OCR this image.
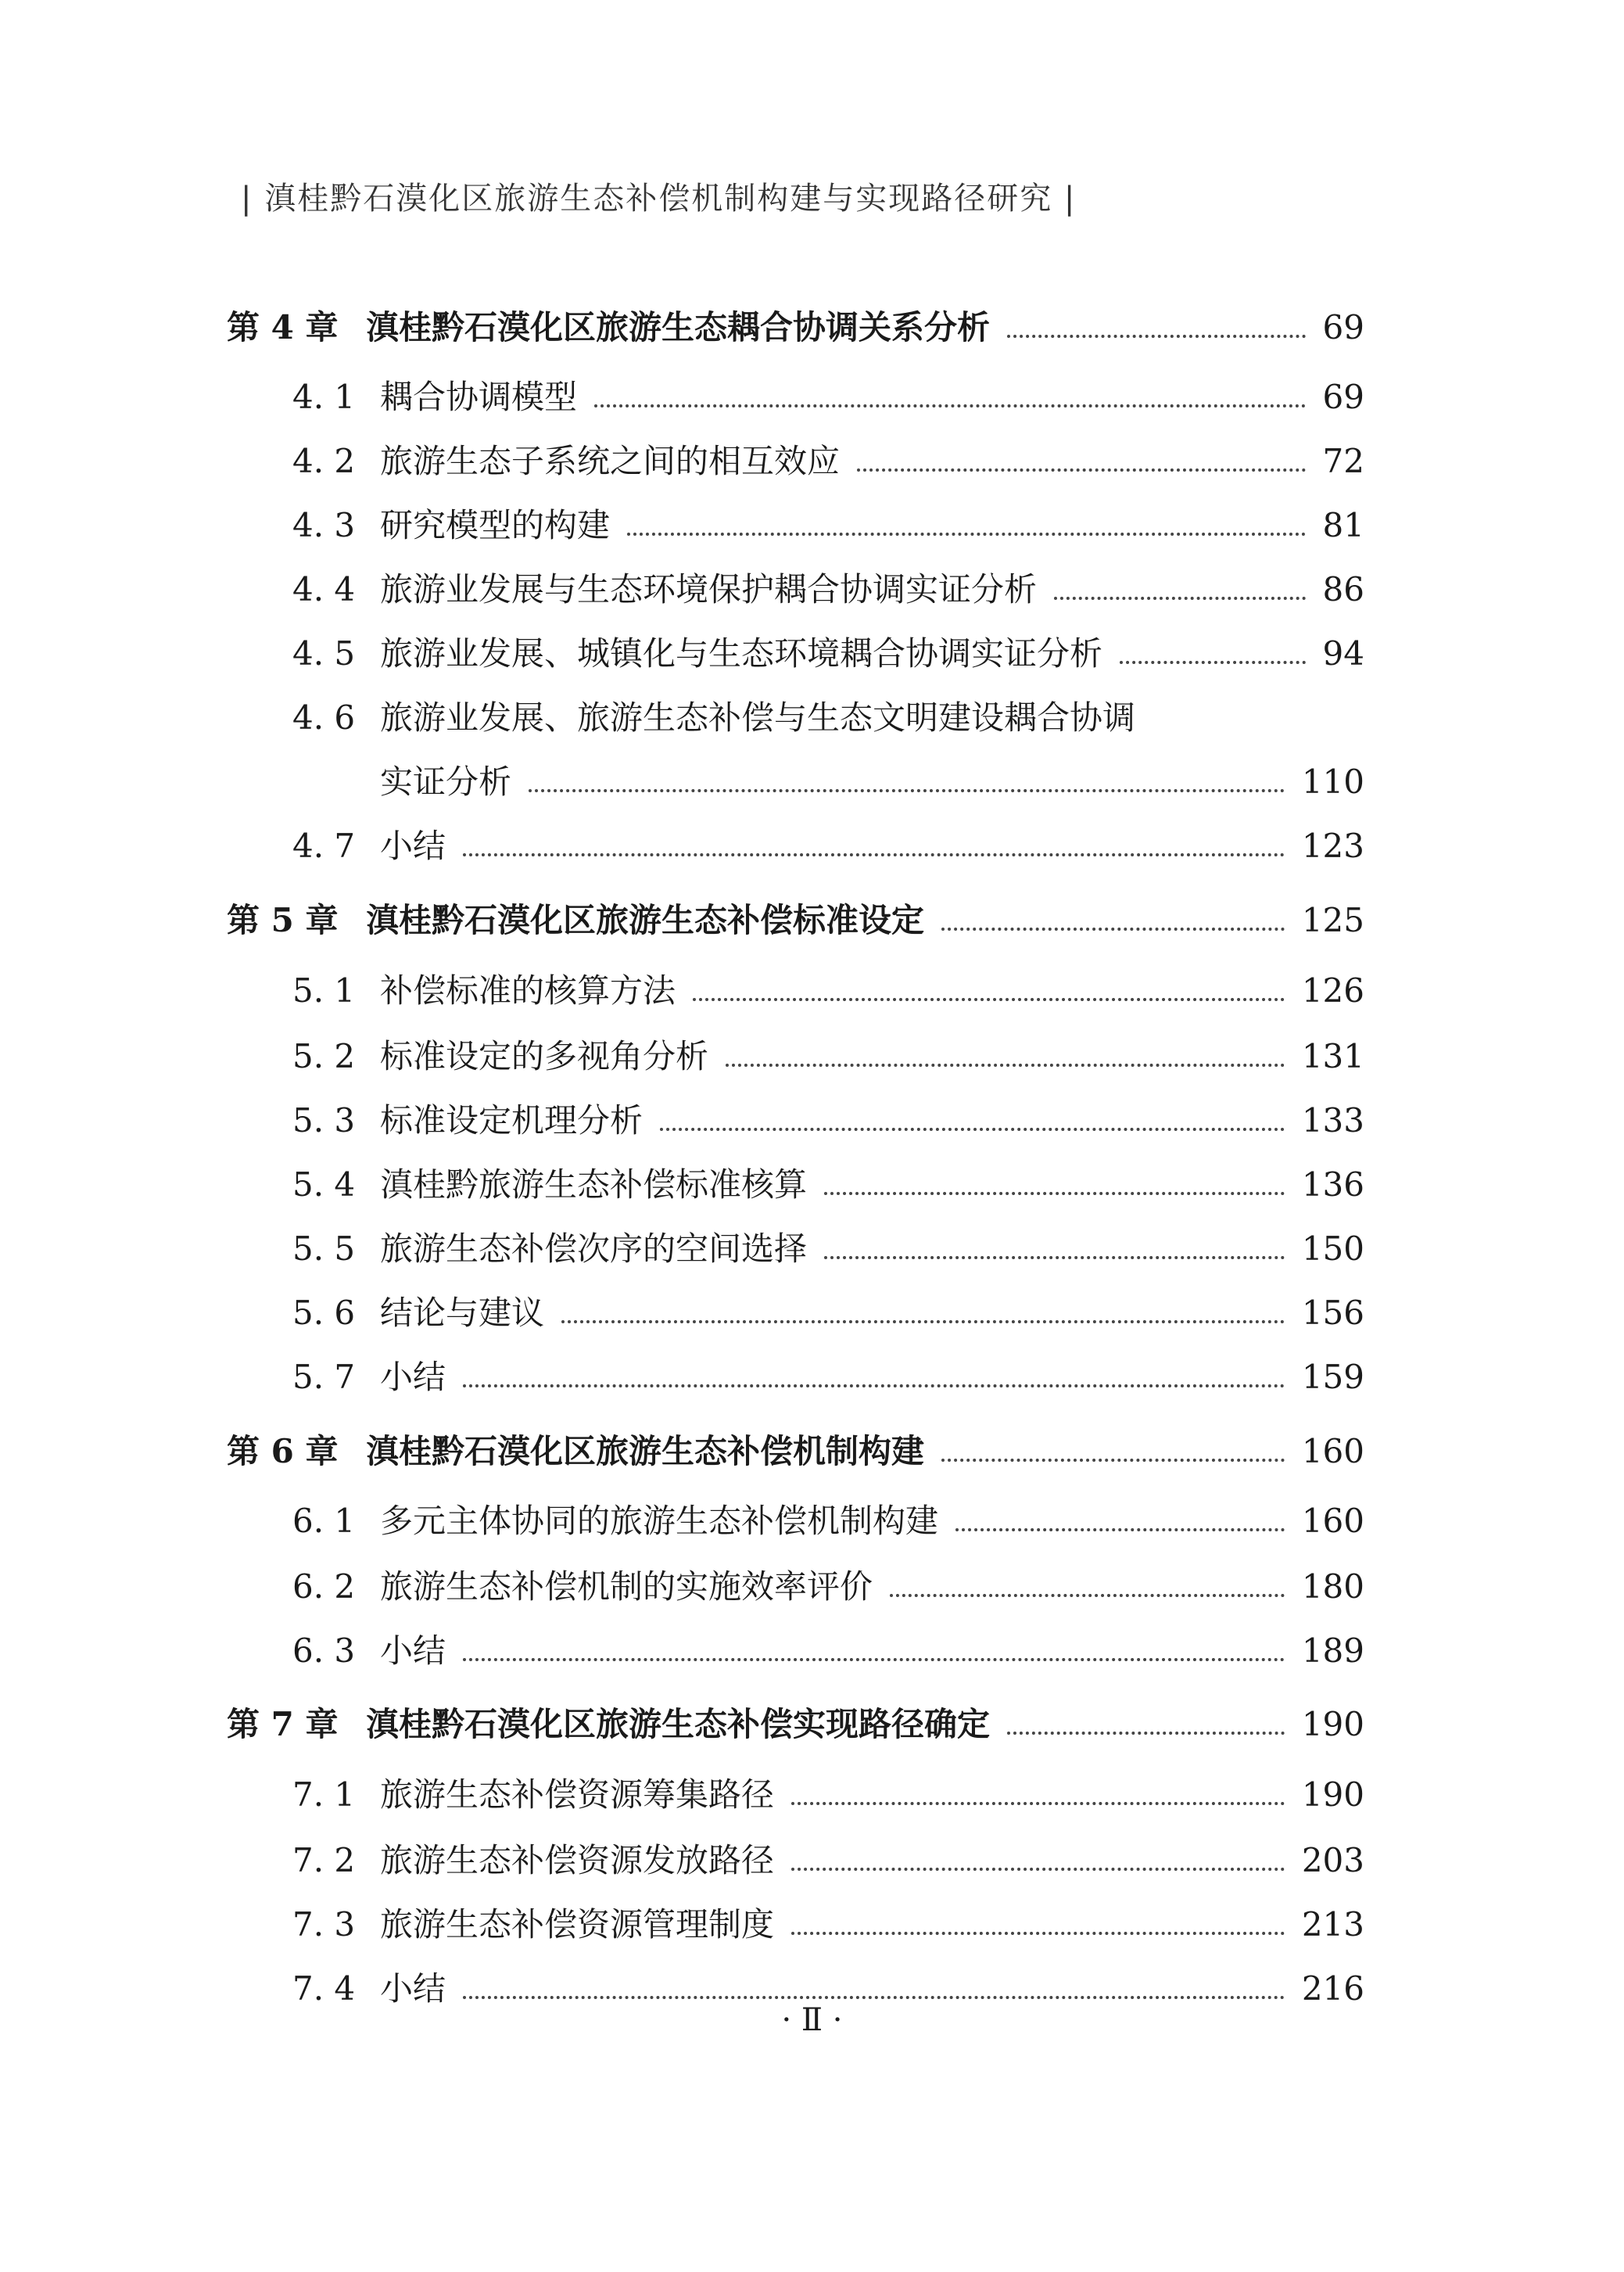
| 滇桂黔石漠化区旅游生态补偿机制构建与实现路径研究 |
第 4 章 滇桂黔石漠化区旅游生态耦合协调关系分析	69
4. 1 耦合协调模型	69
4. 2 旅游生态子系统之间的相互效应	72
4. 3 研究模型的构建	81
4. 4 旅游业发展与生态环境保护耦合协调实证分析	86
4. 5 旅游业发展、城镇化与生态环境耦合协调实证分析	94
4. 6 旅游业发展、旅游生态补偿与生态文明建设耦合协调
实证分析	110
4. 7 小结	123
第 5 章 滇桂黔石漠化区旅游生态补偿标准设定	125
5. 1 补偿标准的核算方法	126
5. 2 标准设定的多视角分析	131
5. 3 标准设定机理分析	133
5. 4 滇桂黔旅游生态补偿标准核算	136
5. 5 旅游生态补偿次序的空间选择	150
5. 6 结论与建议	156
5. 7 小结	159
第 6 章 滇桂黔石漠化区旅游生态补偿机制构建	160
6. 1 多元主体协同的旅游生态补偿机制构建	160
6. 2 旅游生态补偿机制的实施效率评价	180
6. 3 小结	189
第 7 章 滇桂黔石漠化区旅游生态补偿实现路径确定	190
7. 1 旅游生态补偿资源筹集路径	190
7. 2 旅游生态补偿资源发放路径	203
7. 3 旅游生态补偿资源管理制度	213
7. 4 小结	216
· Ⅱ ·
